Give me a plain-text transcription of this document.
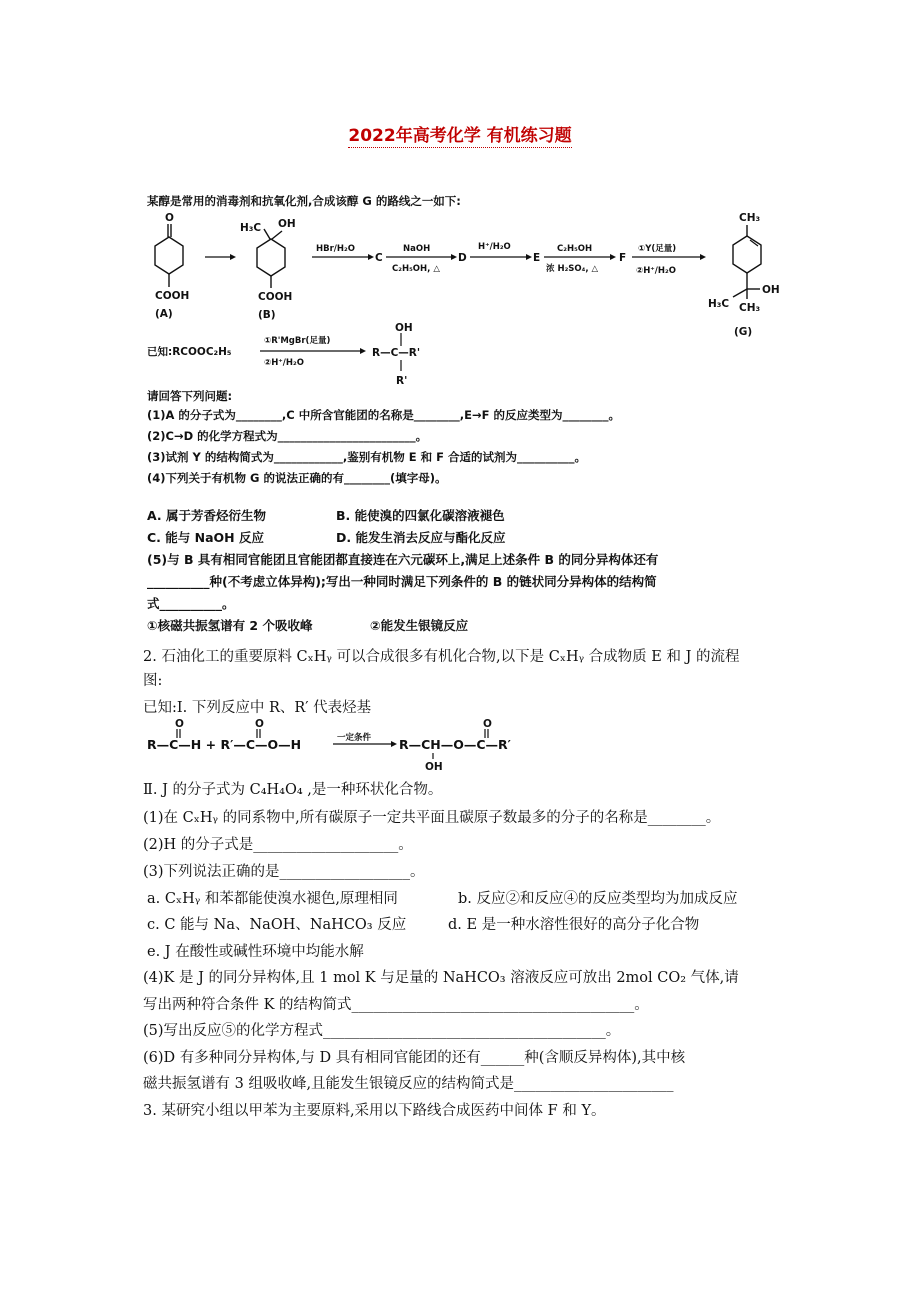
2022年高考化学 有机练习题
某醇是常用的消毒剂和抗氧化剂,合成该醇 G 的路线之一如下:
O
COOH
(A)
H₃C OH
COOH
(B)
HBr/H₂O
C
NaOH
C₂H₅OH, △
D
H⁺/H₂O
E
C₂H₅OH
浓 H₂SO₄, △
F
①Y(足量)
②H⁺/H₂O
CH₃
OH
H₃C CH₃
(G)
已知:RCOOC₂H₅
①R'MgBr(足量)
②H⁺/H₂O
OH
R—C—R'
R'
请回答下列问题:
(1)A 的分子式为________,C 中所含官能团的名称是________,E→F 的反应类型为________。
(2)C→D 的化学方程式为________________________。
(3)试剂 Y 的结构简式为____________,鉴别有机物 E 和 F 合适的试剂为__________。
(4)下列关于有机物 G 的说法正确的有________(填字母)。
A. 属于芳香烃衍生物	B. 能使溴的四氯化碳溶液褪色
C. 能与 NaOH 反应	D. 能发生消去反应与酯化反应
(5)与 B 具有相同官能团且官能团都直接连在六元碳环上,满足上述条件 B 的同分异构体还有
__________种(不考虑立体异构);写出一种同时满足下列条件的 B 的链状同分异构体的结构简
式__________。
①核磁共振氢谱有 2 个吸收峰	②能发生银镜反应
2. 石油化工的重要原料 CₓHᵧ 可以合成很多有机化合物,以下是 CₓHᵧ 合成物质 E 和 J 的流程
图:
已知:Ⅰ. 下列反应中 R、R′ 代表烃基
O	O
R—C—H + R′—C—O—H	一定条件
O
R—CH—O—C—R′
OH
Ⅱ. J 的分子式为 C₄H₄O₄ ,是一种环状化合物。
(1)在 CₓHᵧ 的同系物中,所有碳原子一定共平面且碳原子数最多的分子的名称是________。
(2)H 的分子式是____________________。
(3)下列说法正确的是__________________。
a. CₓHᵧ 和苯都能使溴水褪色,原理相同	b. 反应②和反应④的反应类型均为加成反应
c. C 能与 Na、NaOH、NaHCO₃ 反应	d. E 是一种水溶性很好的高分子化合物
e. J 在酸性或碱性环境中均能水解
(4)K 是 J 的同分异构体,且 1 mol K 与足量的 NaHCO₃ 溶液反应可放出 2mol CO₂ 气体,请
写出两种符合条件 K 的结构简式_______________________________________。
(5)写出反应⑤的化学方程式_______________________________________。
(6)D 有多种同分异构体,与 D 具有相同官能团的还有______种(含顺反异构体),其中核
磁共振氢谱有 3 组吸收峰,且能发生银镜反应的结构简式是______________________
3. 某研究小组以甲苯为主要原料,采用以下路线合成医药中间体 F 和 Y。
